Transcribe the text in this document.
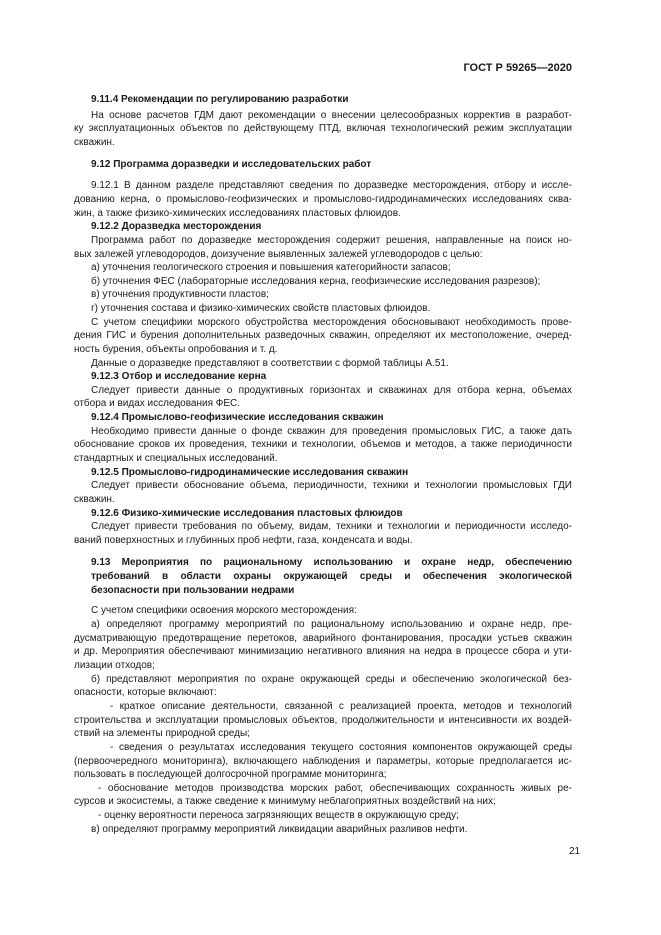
ГОСТ Р 59265—2020

9.11.4 Рекомендации по регулированию разработки

На основе расчетов ГДМ дают рекомендации о внесении целесообразных корректив в разработ-

ку эксплуатационных объектов по действующему ПТД, включая технологический режим эксплуатации

скважин.

9.12 Программа доразведки и исследовательских работ

9.12.1 В данном разделе представляют сведения по доразведке месторождения, отбору и иссле-

дованию керна, о промыслово-геофизических и промыслово-гидродинамических исследованиях сква-

жин, а также физико-химических исследованиях пластовых флюидов.

9.12.2 Доразведка месторождения

Программа работ по доразведке месторождения содержит решения, направленные на поиск но-

вых залежей углеводородов, доизучение выявленных залежей углеводородов с целью:

а) уточнения геологического строения и повышения категорийности запасов;

б) уточнения ФЕС (лабораторные исследования керна, геофизические исследования разрезов);

в) уточнения продуктивности пластов;

г) уточнения состава и физико-химических свойств пластовых флюидов.

С учетом специфики морского обустройства месторождения обосновывают необходимость прове-

дения ГИС и бурения дополнительных разведочных скважин, определяют их местоположение, очеред-

ность бурения, объекты опробования и т. д.

Данные о доразведке представляют в соответствии с формой таблицы А.51.

9.12.3 Отбор и исследование керна

Следует привести данные о продуктивных горизонтах и скважинах для отбора керна, объемах

отбора и видах исследования ФЕС.

9.12.4 Промыслово-геофизические исследования скважин

Необходимо привести данные о фонде скважин для проведения промысловых ГИС, а также дать

обоснование сроков их проведения, техники и технологии, объемов и методов, а также периодичности

стандартных и специальных исследований.

9.12.5 Промыслово-гидродинамические исследования скважин

Следует привести обоснование объема, периодичности, техники и технологии промысловых ГДИ

скважин.

9.12.6 Физико-химические исследования пластовых флюидов

Следует привести требования по объему, видам, техники и технологии и периодичности исследо-

ваний поверхностных и глубинных проб нефти, газа, конденсата и воды.

9.13 Мероприятия по рациональному использованию и охране недр, обеспечению

требований в области охраны окружающей среды и обеспечения экологической

безопасности при пользовании недрами

С учетом специфики освоения морского месторождения:

а) определяют программу мероприятий по рациональному использованию и охране недр, пре-

дусматривающую предотвращение перетоков, аварийного фонтанирования, просадки устьев скважин

и др. Мероприятия обеспечивают минимизацию негативного влияния на недра в процессе сбора и ути-

лизации отходов;

б) представляют мероприятия по охране окружающей среды и обеспечению экологической без-

опасности, которые включают:

- краткое описание деятельности, связанной с реализацией проекта, методов и технологий

строительства и эксплуатации промысловых объектов, продолжительности и интенсивности их воздей-

ствий на элементы природной среды;

- сведения о результатах исследования текущего состояния компонентов окружающей среды

(первоочередного мониторинга), включающего наблюдения и параметры, которые предполагается ис-

пользовать в последующей долгосрочной программе мониторинга;

- обоснование методов производства морских работ, обеспечивающих сохранность живых ре-

сурсов и экосистемы, а также сведение к минимуму неблагоприятных воздействий на них;

- оценку вероятности переноса загрязняющих веществ в окружающую среду;

в) определяют программу мероприятий ликвидации аварийных разливов нефти.

21
